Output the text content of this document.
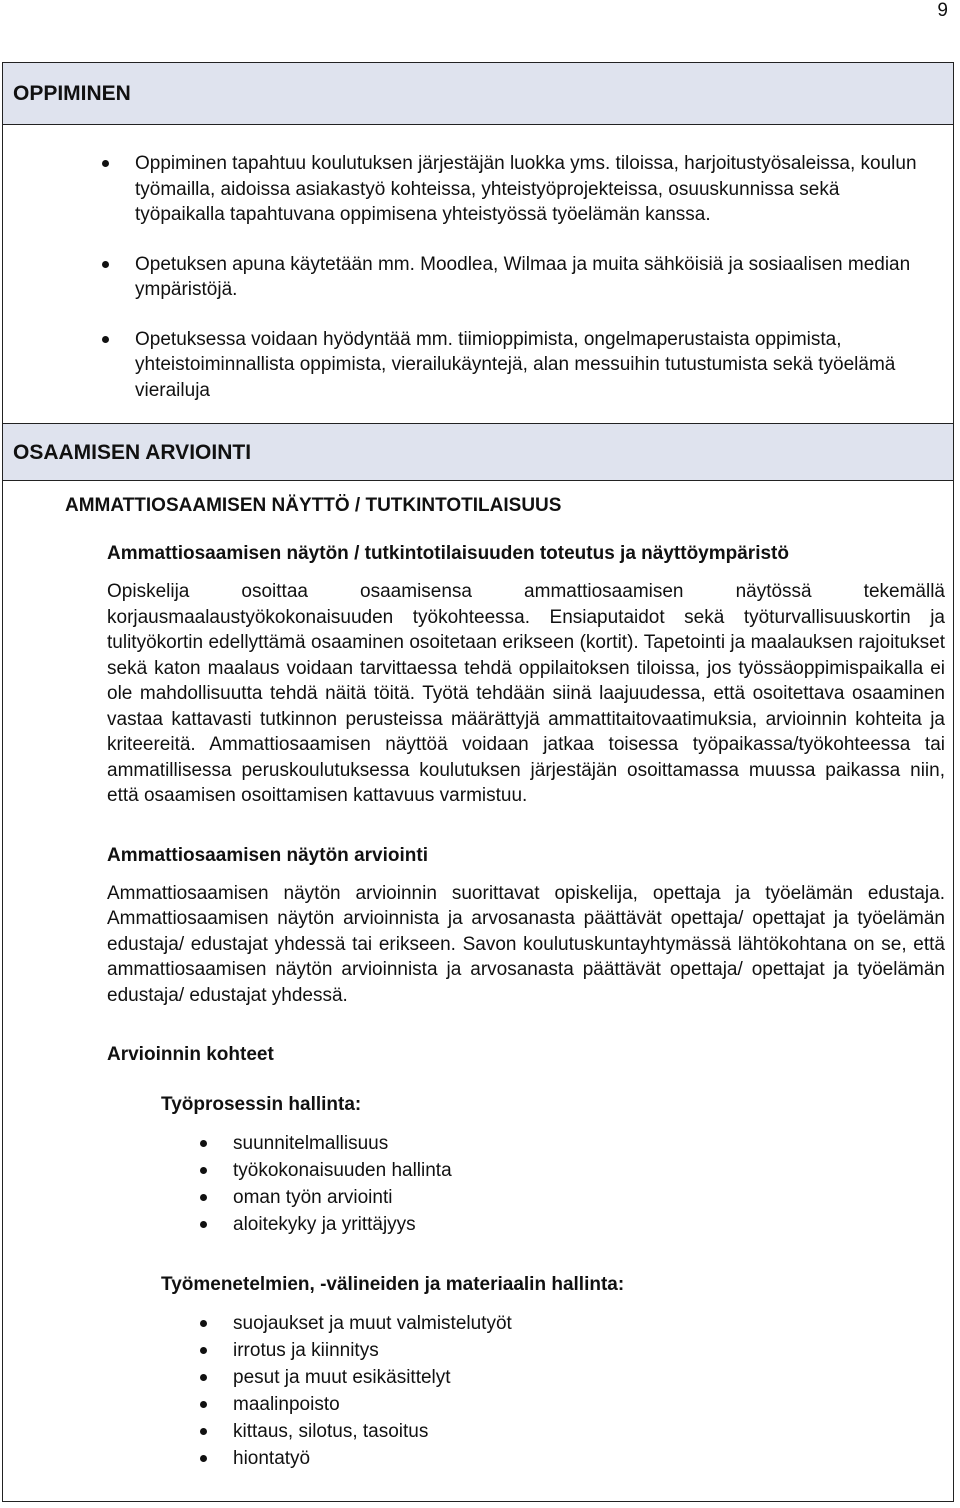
9
OPPIMINEN
Oppiminen tapahtuu koulutuksen järjestäjän luokka yms. tiloissa, harjoitustyösaleissa, koulun työmailla, aidoissa asiakastyö kohteissa, yhteistyöprojekteissa, osuuskunnissa sekä työpaikalla tapahtuvana oppimisena yhteistyössä työelämän kanssa.
Opetuksen apuna käytetään mm. Moodlea, Wilmaa ja muita sähköisiä ja sosiaalisen median ympäristöjä.
Opetuksessa voidaan hyödyntää mm. tiimioppimista, ongelmaperustaista oppimista, yhteistoiminnallista oppimista, vierailukäyntejä, alan messuihin tutustumista sekä työelämä vierailuja
OSAAMISEN ARVIOINTI
AMMATTIOSAAMISEN NÄYTTÖ / TUTKINTOTILAISUUS
Ammattiosaamisen näytön / tutkintotilaisuuden toteutus ja näyttöympäristö
Opiskelija osoittaa osaamisensa ammattiosaamisen näytössä tekemällä korjausmaalaustyökokonaisuuden työkohteessa. Ensiaputaidot sekä työturvallisuuskortin ja tulityökortin edellyttämä osaaminen osoitetaan erikseen (kortit). Tapetointi ja maalauksen rajoitukset sekä katon maalaus voidaan tarvittaessa tehdä oppilaitoksen tiloissa, jos työssäoppimispaikalla ei ole mahdollisuutta tehdä näitä töitä. Työtä tehdään siinä laajuudessa, että osoitettava osaaminen vastaa kattavasti tutkinnon perusteissa määrättyjä ammattitaitovaatimuksia, arvioinnin kohteita ja kriteereitä. Ammattiosaamisen näyttöä voidaan jatkaa toisessa työpaikassa/työkohteessa tai ammatillisessa peruskoulutuksessa koulutuksen järjestäjän osoittamassa muussa paikassa niin, että osaamisen osoittamisen kattavuus varmistuu.
Ammattiosaamisen näytön arviointi
Ammattiosaamisen näytön arvioinnin suorittavat opiskelija, opettaja ja työelämän edustaja. Ammattiosaamisen näytön arvioinnista ja arvosanasta päättävät opettaja/ opettajat ja työelämän edustaja/ edustajat yhdessä tai erikseen. Savon koulutuskuntayhtymässä lähtökohtana on se, että ammattiosaamisen näytön arvioinnista ja arvosanasta päättävät opettaja/ opettajat ja työelämän edustaja/ edustajat yhdessä.
Arvioinnin kohteet
Työprosessin hallinta:
suunnitelmallisuus
työkokonaisuuden hallinta
oman työn arviointi
aloitekyky ja yrittäjyys
Työmenetelmien, -välineiden ja materiaalin hallinta:
suojaukset ja muut valmistelutyöt
irrotus ja kiinnitys
pesut ja muut esikäsittelyt
maalinpoisto
kittaus, silotus, tasoitus
hiontatyö
